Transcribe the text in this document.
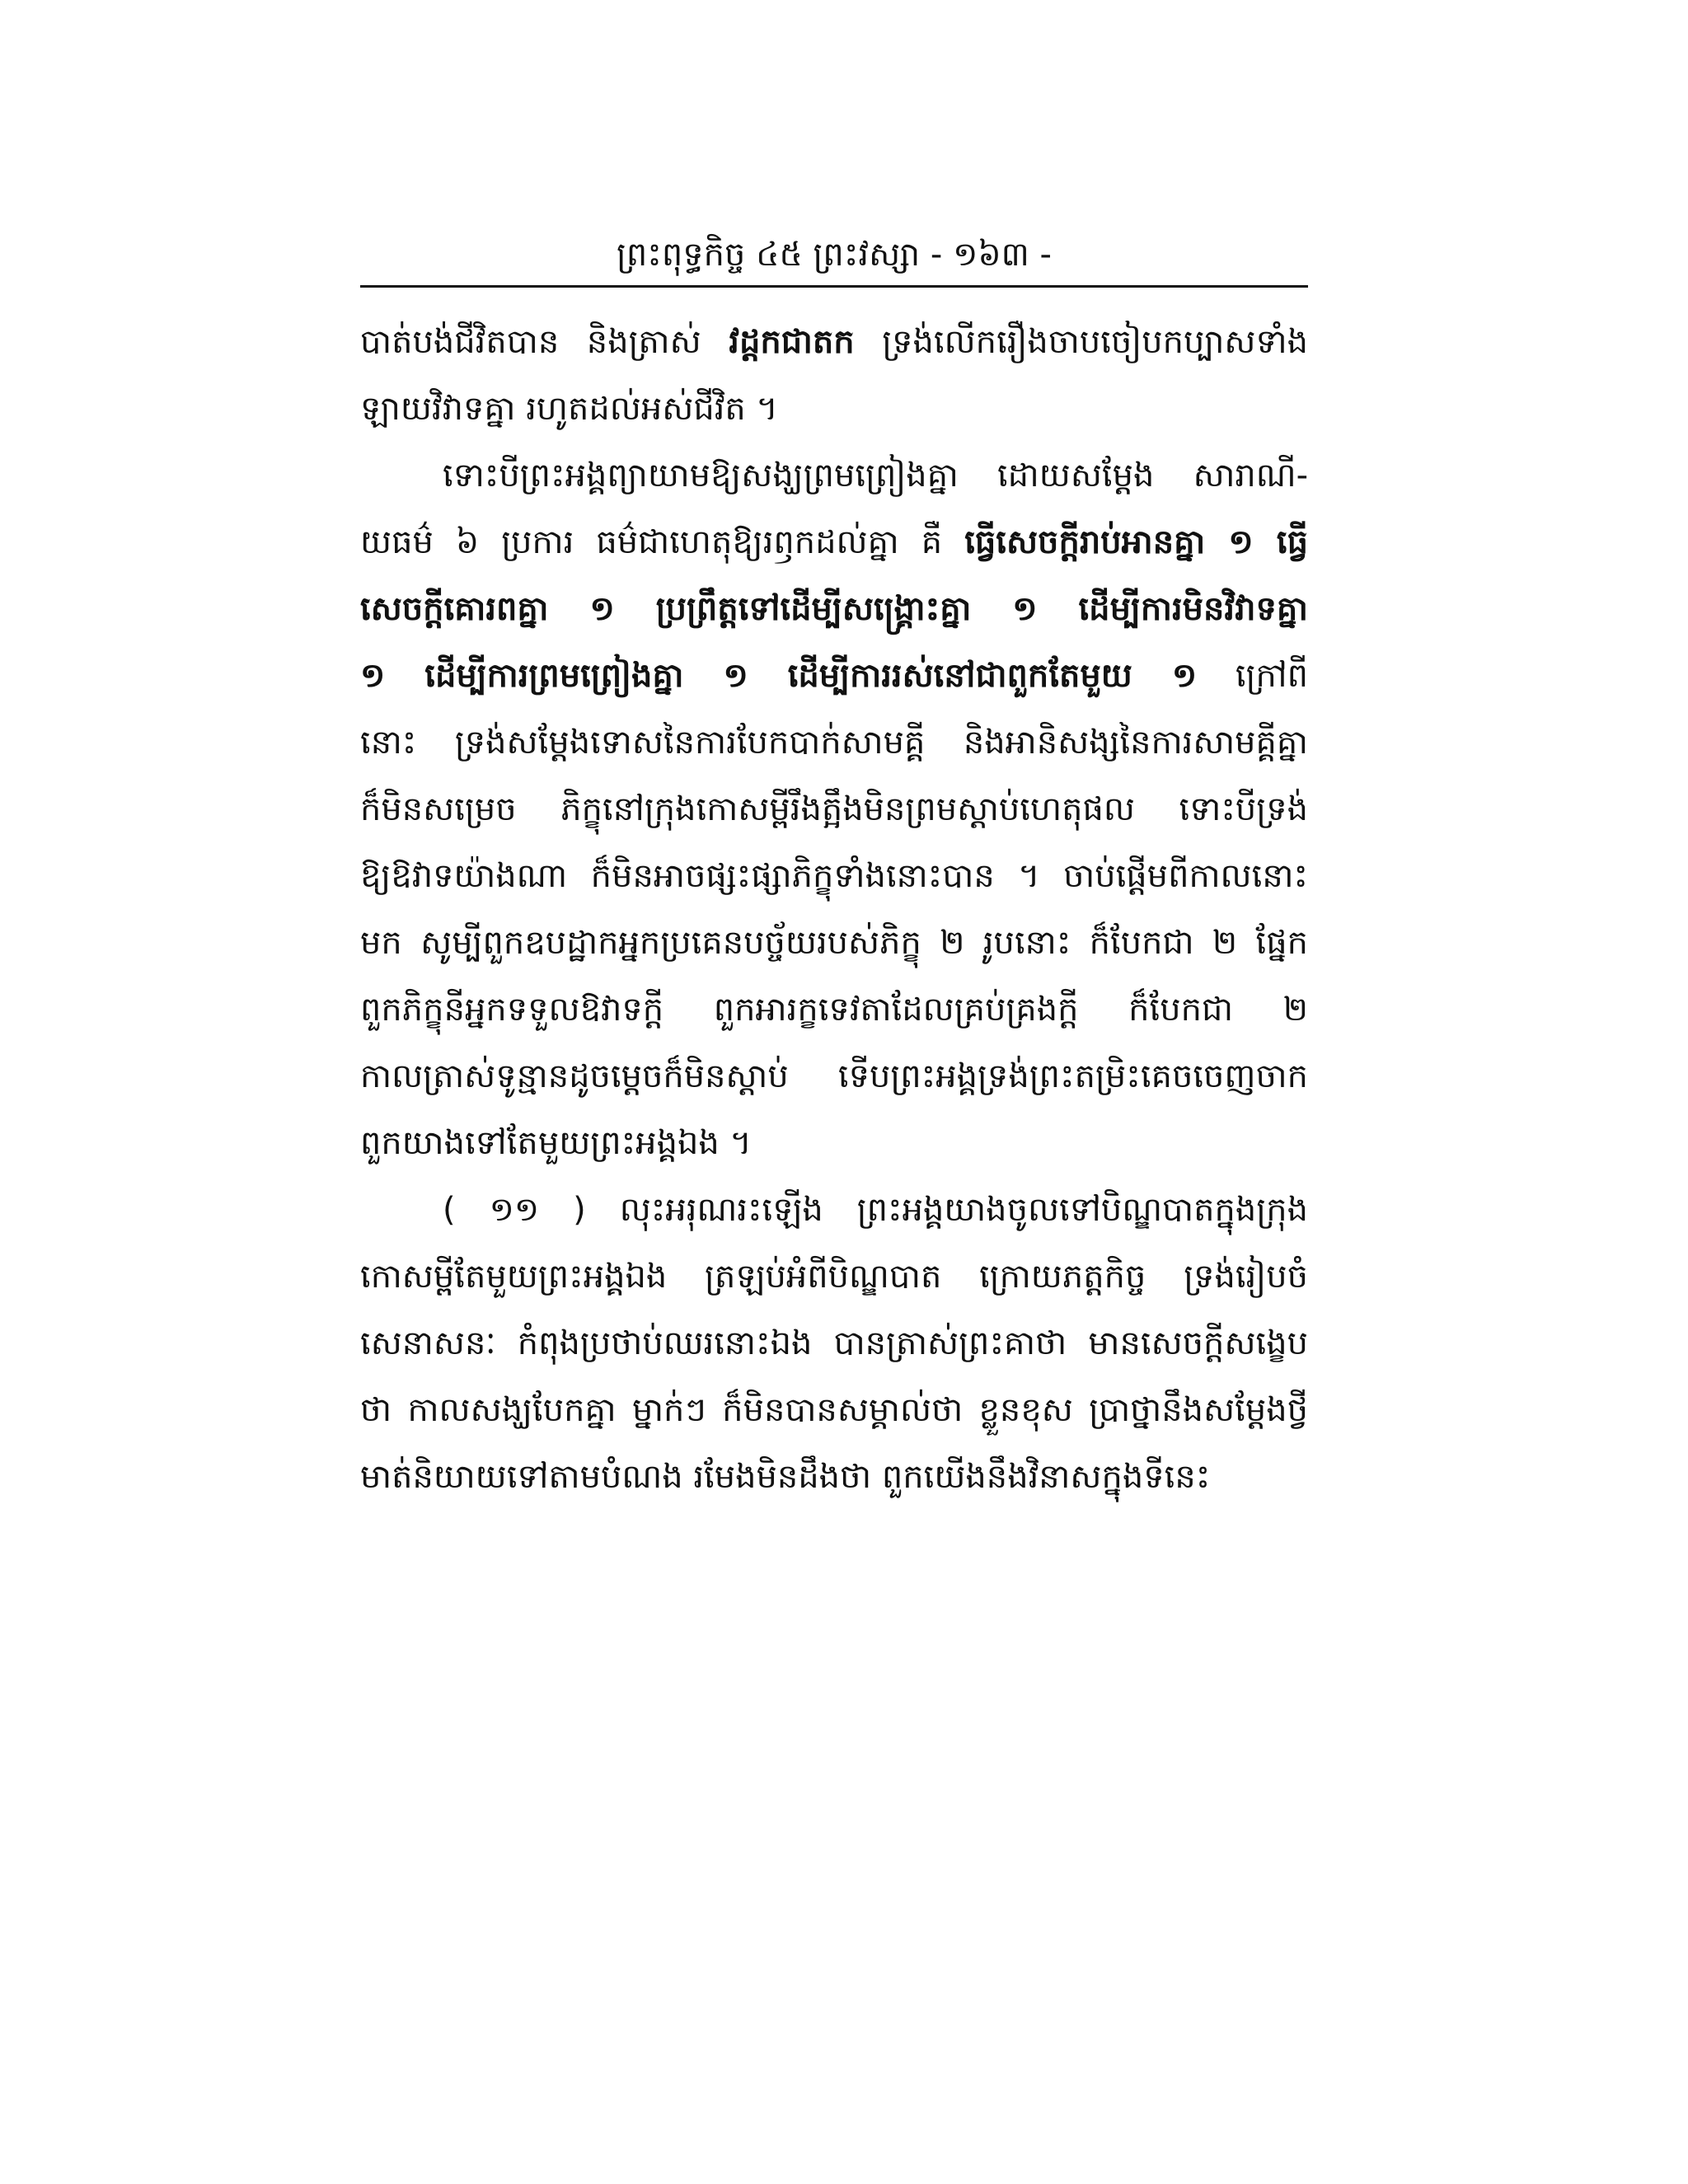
ព្រះពុទ្ធកិច្ច ៤៥ ព្រះវស្សា - ១៦៣ -
បាត់បង់ជីវិតបាន និងត្រាស់ វដ្តកជាតក ទ្រង់លើករឿងចាបចៀបកប្បាសទាំង
ឡាយវិវាទគ្នា រហូតដល់អស់ជីវិត ។
ទោះបីព្រះអង្គព្យាយាមឱ្យសង្ឃព្រមព្រៀងគ្នា ដោយសម្តែង សារាណី-
យធម៌ ៦ ប្រការ ធម៌ជាហេតុឱ្យរឭកដល់គ្នា គឺ ធ្វើសេចក្តីរាប់អានគ្នា ១ ធ្វើ
សេចក្តីគោរពគ្នា ១ ប្រព្រឹត្តទៅដើម្បីសង្គ្រោះគ្នា ១ ដើម្បីការមិនវិវាទគ្នា
១ ដើម្បីការព្រមព្រៀងគ្នា ១ ដើម្បីការរស់នៅជាពួកតែមួយ ១ ក្រៅពី
នោះ ទ្រង់សម្តែងទោសនៃការបែកបាក់សាមគ្គី និងអានិសង្សនៃការសាមគ្គីគ្នា
ក៏មិនសម្រេច ភិក្ខុនៅក្រុងកោសម្ពីរឹងត្អឹងមិនព្រមស្តាប់ហេតុផល ទោះបីទ្រង់
ឱ្យឱវាទយ៉ាងណា ក៏មិនអាចផ្សះផ្សាភិក្ខុទាំងនោះបាន ។ ចាប់ផ្តើមពីកាលនោះ
មក សូម្បីពួកឧបដ្ឋាកអ្នកប្រគេនបច្ច័យរបស់ភិក្ខុ ២ រូបនោះ ក៏បែកជា ២ ផ្នែក
ពួកភិក្ខុនីអ្នកទទួលឱវាទក្តី ពួកអារក្ខទេវតាដែលគ្រប់គ្រងក្តី ក៏បែកជា ២
កាលត្រាស់ទូន្មានដូចម្តេចក៏មិនស្តាប់ ទើបព្រះអង្គទ្រង់ព្រះតម្រិះគេចចេញចាក
ពួកយាងទៅតែមួយព្រះអង្គឯង ។
( ១១ ) លុះអរុណរះឡើង ព្រះអង្គយាងចូលទៅបិណ្ឌបាតក្នុងក្រុង
កោសម្ពីតែមួយព្រះអង្គឯង ត្រឡប់អំពីបិណ្ឌបាត ក្រោយភត្តកិច្ច ទ្រង់រៀបចំ
សេនាសនៈ កំពុងប្រថាប់ឈរនោះឯង បានត្រាស់ព្រះគាថា មានសេចក្តីសង្ខេប
ថា កាលសង្ឃបែកគ្នា ម្នាក់ៗ ក៏មិនបានសម្គាល់ថា ខ្លួនខុស ប្រាថ្នានឹងសម្តែងថ្វី
មាត់និយាយទៅតាមបំណង រមែងមិនដឹងថា ពួកយើងនឹងវិនាសក្នុងទីនេះ
